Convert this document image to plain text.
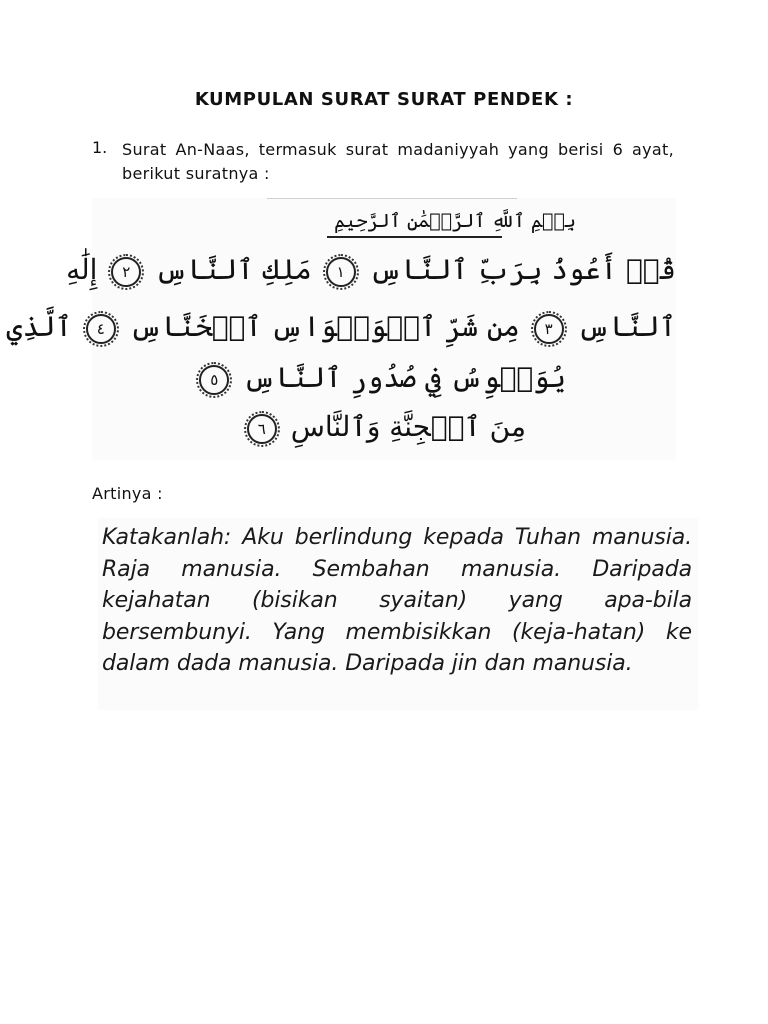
KUMPULAN SURAT SURAT PENDEK :
1. Surat An-Naas, termasuk surat madaniyyah yang berisi 6 ayat, berikut suratnya :
بِسۡمِ ٱللَّهِ ٱلرَّحۡمَٰنِ ٱلرَّحِيمِ
قُلۡ أَعُوذُ بِرَبِّ ٱلنَّاسِ ١ مَلِكِ ٱلنَّاسِ ٢ إِلَٰهِ
ٱلنَّاسِ ٣ مِن شَرِّ ٱلۡوَسۡوَاسِ ٱلۡخَنَّاسِ ٤ ٱلَّذِي
يُوَسۡوِسُ فِي صُدُورِ ٱلنَّاسِ ٥
مِنَ ٱلۡجِنَّةِ وَٱلنَّاسِ ٦
Artinya :
Katakanlah: Aku berlindung kepada Tuhan manusia. Raja manusia. Sembahan manusia. Daripada kejahatan (bisikan syaitan) yang apa-bila bersembunyi. Yang membisikkan (keja-hatan) ke dalam dada manusia. Daripada jin dan manusia.
